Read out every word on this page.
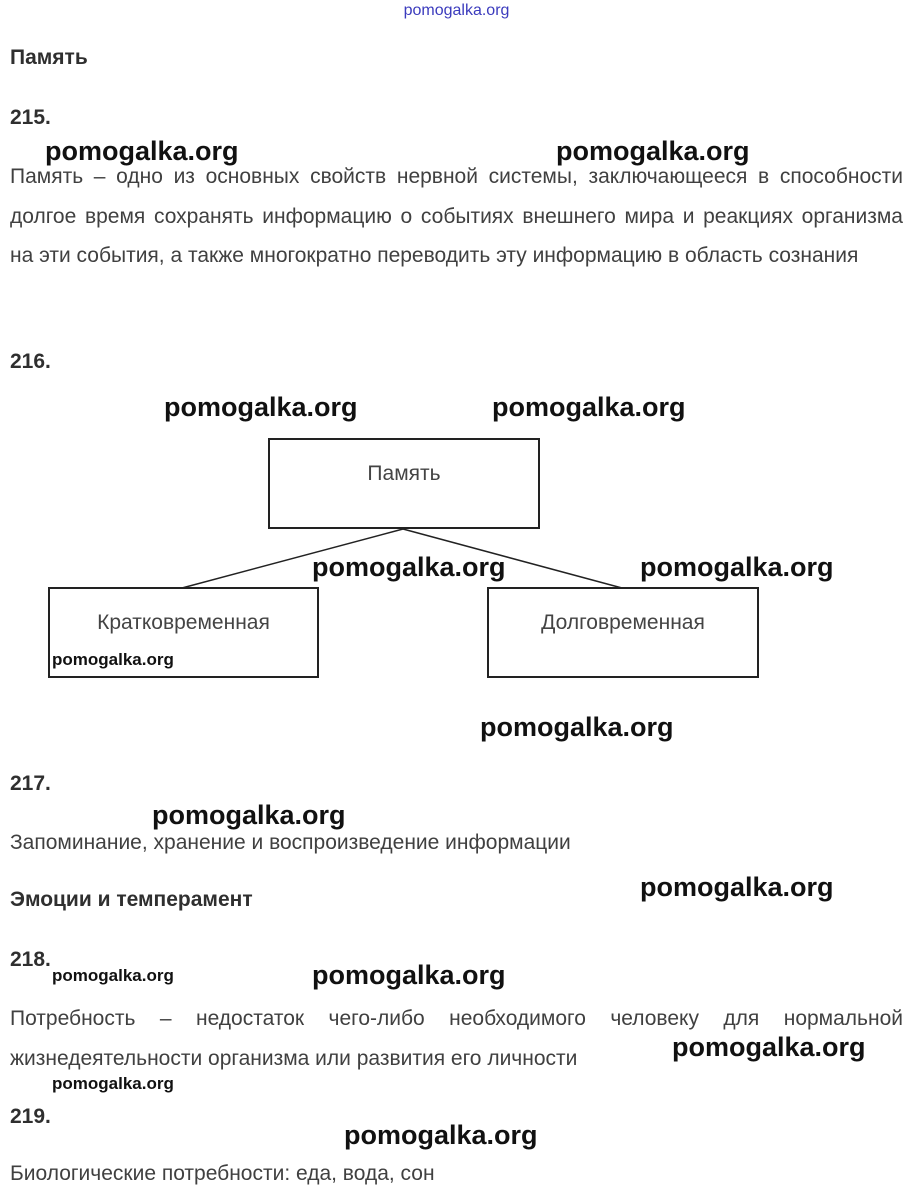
pomogalka.org
Память
215.
Память – одно из основных свойств нервной системы, заключающееся в способности долгое время сохранять информацию о событиях внешнего мира и реакциях организма на эти события, а также многократно переводить эту информацию в область сознания
216.
Память
Кратковременная	Долговременная
217.
Запоминание, хранение и воспроизведение информации
Эмоции и темперамент
218.
Потребность – недостаток чего-либо необходимого человеку для нормальной жизнедеятельности организма или развития его личности
219.
Биологические потребности: еда, вода, сон
pomogalka.org	pomogalka.org
pomogalka.org	pomogalka.org
pomogalka.org	pomogalka.org
pomogalka.org
pomogalka.org
pomogalka.org
pomogalka.org
pomogalka.org	pomogalka.org
pomogalka.org
pomogalka.org
pomogalka.org
